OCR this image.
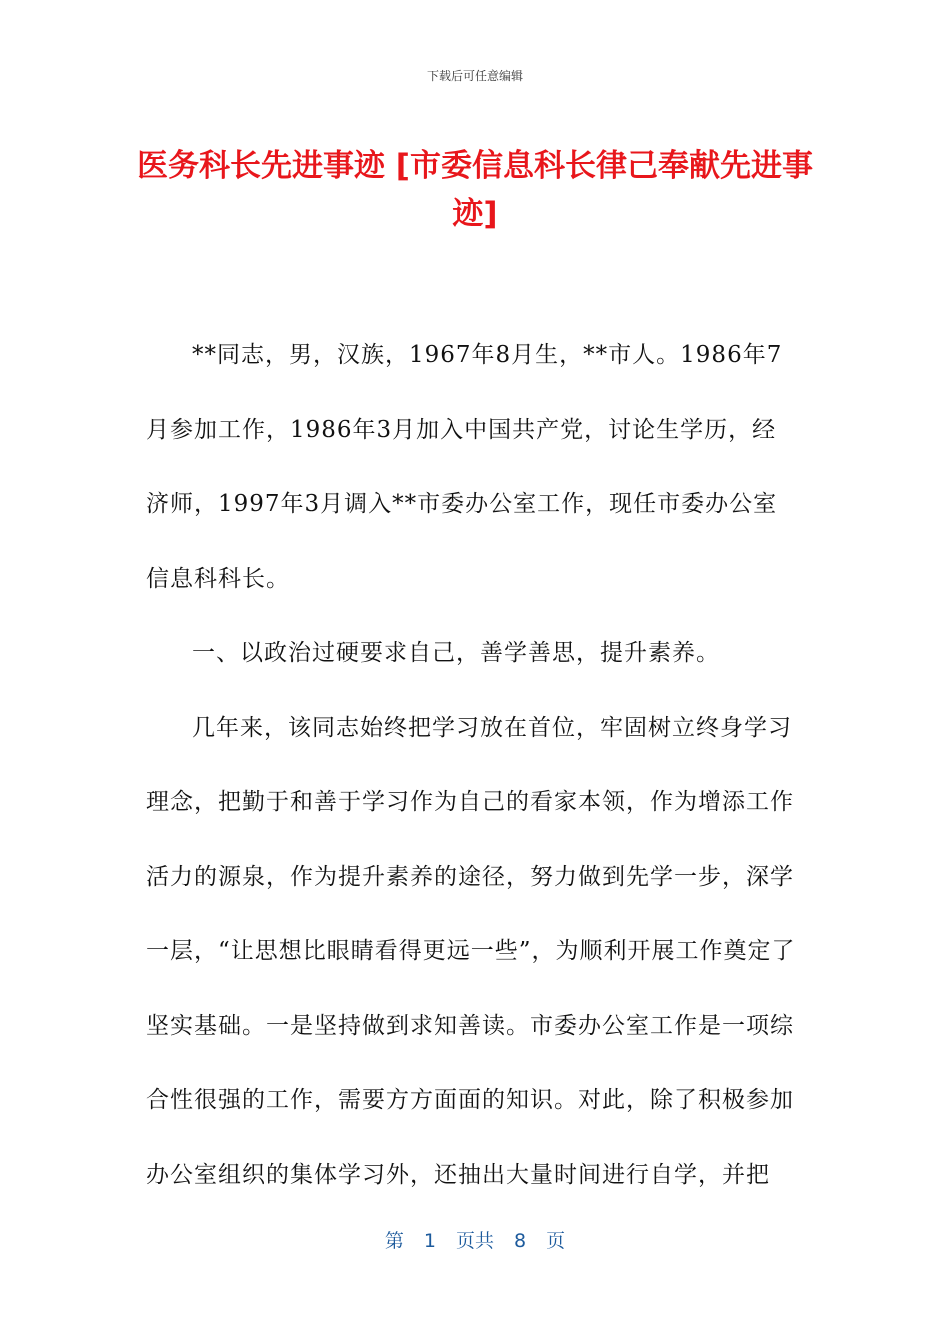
下载后可任意编辑
医务科长先进事迹 [市委信息科长律己奉献先进事迹]

**同志，男，汉族，1967年8月生，**市人。1986年7月参加工作，1986年3月加入中国共产党，讨论生学历，经济师，1997年3月调入**市委办公室工作，现任市委办公室信息科科长。

一、以政治过硬要求自己，善学善思，提升素养。

几年来，该同志始终把学习放在首位，牢固树立终身学习理念，把勤于和善于学习作为自己的看家本领，作为增添工作活力的源泉，作为提升素养的途径，努力做到先学一步，深学一层，“让思想比眼睛看得更远一些”，为顺利开展工作奠定了坚实基础。一是坚持做到求知善读。市委办公室工作是一项综合性很强的工作，需要方方面面的知识。对此，除了积极参加办公室组织的集体学习外，还抽出大量时间进行自学，并把

第 1 页共 8 页
